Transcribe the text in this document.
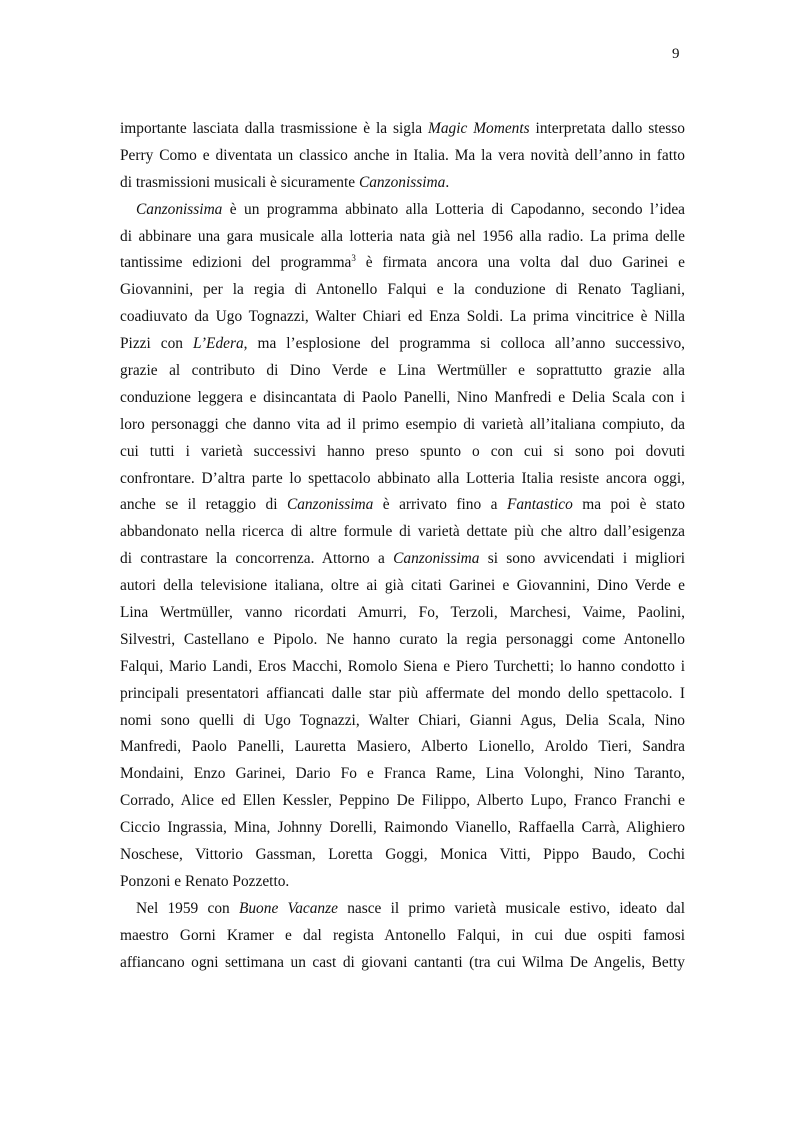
9
importante lasciata dalla trasmissione è la sigla Magic Moments interpretata dallo stesso
Perry Como e diventata un classico anche in Italia. Ma la vera novità dell’anno in fatto
di trasmissioni musicali è sicuramente Canzonissima.
Canzonissima è un programma abbinato alla Lotteria di Capodanno, secondo l’idea
di abbinare una gara musicale alla lotteria nata già nel 1956 alla radio. La prima delle
tantissime edizioni del programma$^3$ è firmata ancora una volta dal duo Garinei e
Giovannini, per la regia di Antonello Falqui e la conduzione di Renato Tagliani,
coadiuvato da Ugo Tognazzi, Walter Chiari ed Enza Soldi. La prima vincitrice è Nilla
Pizzi con L’Edera, ma l’esplosione del programma si colloca all’anno successivo,
grazie al contributo di Dino Verde e Lina Wertmüller e soprattutto grazie alla
conduzione leggera e disincantata di Paolo Panelli, Nino Manfredi e Delia Scala con i
loro personaggi che danno vita ad il primo esempio di varietà all’italiana compiuto, da
cui tutti i varietà successivi hanno preso spunto o con cui si sono poi dovuti
confrontare. D’altra parte lo spettacolo abbinato alla Lotteria Italia resiste ancora oggi,
anche se il retaggio di Canzonissima è arrivato fino a Fantastico ma poi è stato
abbandonato nella ricerca di altre formule di varietà dettate più che altro dall’esigenza
di contrastare la concorrenza. Attorno a Canzonissima si sono avvicendati i migliori
autori della televisione italiana, oltre ai già citati Garinei e Giovannini, Dino Verde e
Lina Wertmüller, vanno ricordati Amurri, Fo, Terzoli, Marchesi, Vaime, Paolini,
Silvestri, Castellano e Pipolo. Ne hanno curato la regia personaggi come Antonello
Falqui, Mario Landi, Eros Macchi, Romolo Siena e Piero Turchetti; lo hanno condotto i
principali presentatori affiancati dalle star più affermate del mondo dello spettacolo. I
nomi sono quelli di Ugo Tognazzi, Walter Chiari, Gianni Agus, Delia Scala, Nino
Manfredi, Paolo Panelli, Lauretta Masiero, Alberto Lionello, Aroldo Tieri, Sandra
Mondaini, Enzo Garinei, Dario Fo e Franca Rame, Lina Volonghi, Nino Taranto,
Corrado, Alice ed Ellen Kessler, Peppino De Filippo, Alberto Lupo, Franco Franchi e
Ciccio Ingrassia, Mina, Johnny Dorelli, Raimondo Vianello, Raffaella Carrà, Alighiero
Noschese, Vittorio Gassman, Loretta Goggi, Monica Vitti, Pippo Baudo, Cochi
Ponzoni e Renato Pozzetto.
Nel 1959 con Buone Vacanze nasce il primo varietà musicale estivo, ideato dal
maestro Gorni Kramer e dal regista Antonello Falqui, in cui due ospiti famosi
affiancano ogni settimana un cast di giovani cantanti (tra cui Wilma De Angelis, Betty
